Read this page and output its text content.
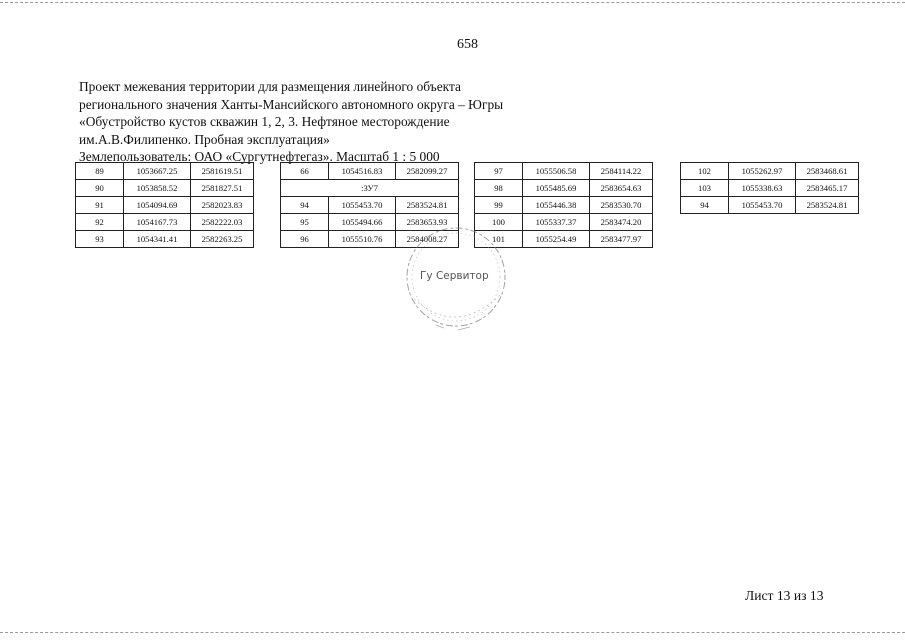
658
Проект межевания территории для размещения линейного объекта
регионального значения Ханты-Мансийского автономного округа – Югры
«Обустройство кустов скважин 1, 2, 3. Нефтяное месторождение
им.А.В.Филипенко. Пробная эксплуатация»
Землепользователь: ОАО «Сургутнефтегаз». Масштаб 1 : 5 000
89	1053667.25	2581619.51
90	1053858.52	2581827.51
91	1054094.69	2582023.83
92	1054167.73	2582222.03
93	1054341.41	2582263.25
66	1054516.83	2582099.27
:ЗУ7		
94	1055453.70	2583524.81
95	1055494.66	2583653.93
96	1055510.76	2584008.27
97	1055506.58	2584114.22
98	1055485.69	2583654.63
99	1055446.38	2583530.70
100	1055337.37	2583474.20
101	1055254.49	2583477.97
102	1055262.97	2583468.61
103	1055338.63	2583465.17
94	1055453.70	2583524.81
Гу Сервитор
Лист 13 из 13
